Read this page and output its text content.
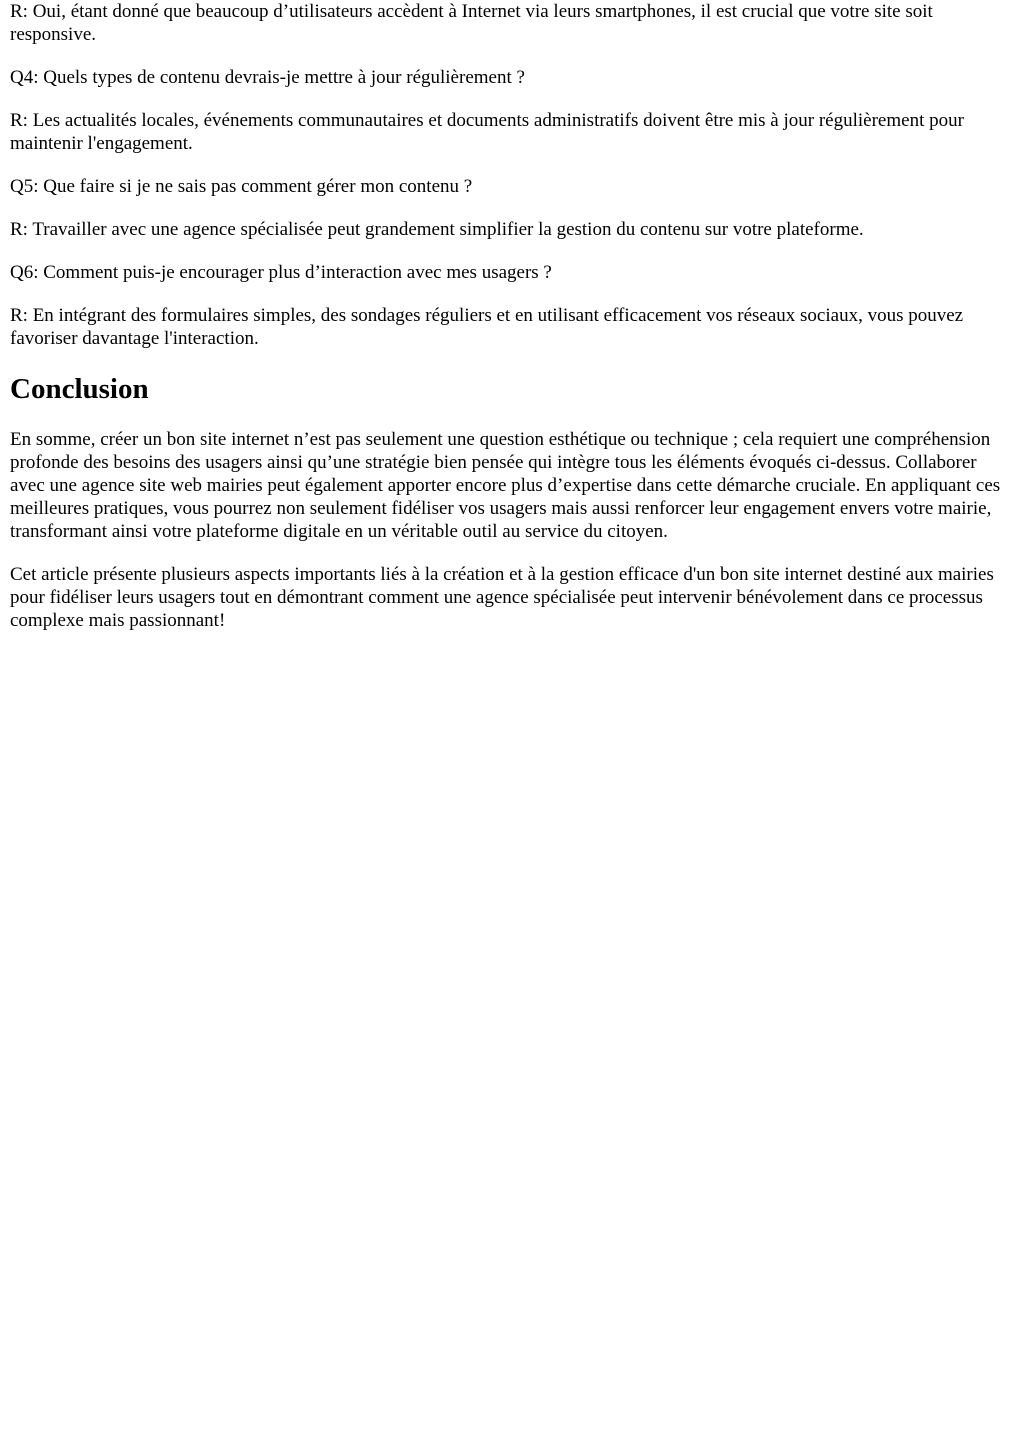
R: Oui, étant donné que beaucoup d’utilisateurs accèdent à Internet via leurs smartphones, il est crucial que votre site soit responsive.

Q4: Quels types de contenu devrais-je mettre à jour régulièrement ?

R: Les actualités locales, événements communautaires et documents administratifs doivent être mis à jour régulièrement pour maintenir l'engagement.

Q5: Que faire si je ne sais pas comment gérer mon contenu ?

R: Travailler avec une agence spécialisée peut grandement simplifier la gestion du contenu sur votre plateforme.

Q6: Comment puis-je encourager plus d’interaction avec mes usagers ?

R: En intégrant des formulaires simples, des sondages réguliers et en utilisant efficacement vos réseaux sociaux, vous pouvez favoriser davantage l'interaction.

Conclusion

En somme, créer un bon site internet n’est pas seulement une question esthétique ou technique ; cela requiert une compréhension profonde des besoins des usagers ainsi qu’une stratégie bien pensée qui intègre tous les éléments évoqués ci-dessus. Collaborer avec une agence site web mairies peut également apporter encore plus d’expertise dans cette démarche cruciale. En appliquant ces meilleures pratiques, vous pourrez non seulement fidéliser vos usagers mais aussi renforcer leur engagement envers votre mairie, transformant ainsi votre plateforme digitale en un véritable outil au service du citoyen.

Cet article présente plusieurs aspects importants liés à la création et à la gestion efficace d'un bon site internet destiné aux mairies pour fidéliser leurs usagers tout en démontrant comment une agence spécialisée peut intervenir bénévolement dans ce processus complexe mais passionnant!
